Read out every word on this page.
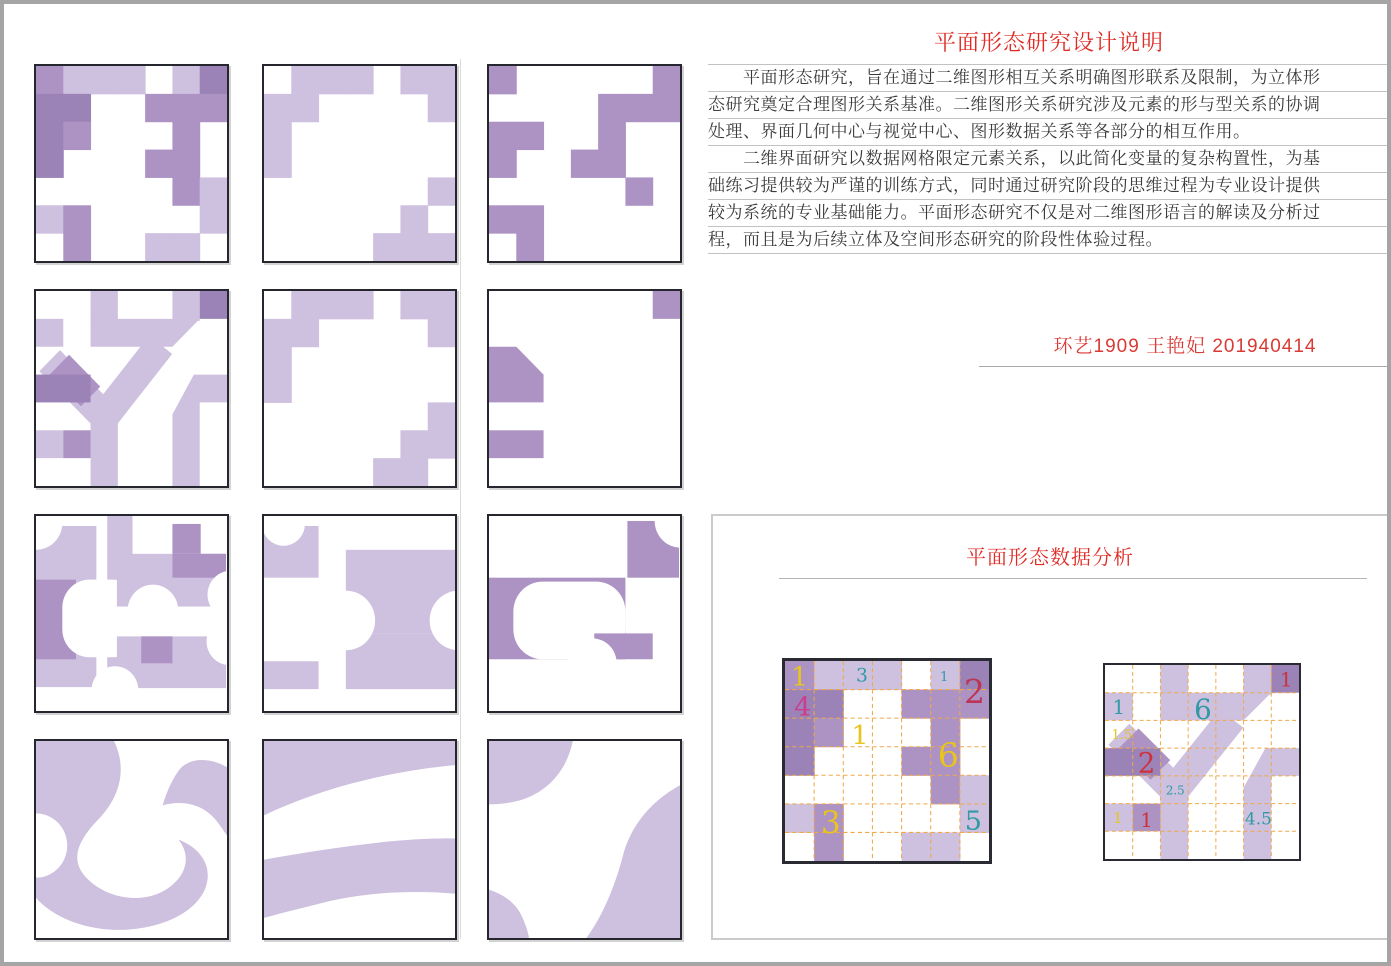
平面形态研究设计说明
　　平面形态研究，旨在通过二维图形相互关系明确图形联系及限制，为立体形
态研究奠定合理图形关系基准。二维图形关系研究涉及元素的形与型关系的协调
处理、界面几何中心与视觉中心、图形数据关系等各部分的相互作用。
　　二维界面研究以数据网格限定元素关系，以此简化变量的复杂构置性，为基
础练习提供较为严谨的训练方式，同时通过研究阶段的思维过程为专业设计提供
较为系统的专业基础能力。平面形态研究不仅是对二维图形语言的解读及分析过
程，而且是为后续立体及空间形态研究的阶段性体验过程。
环艺1909 王艳妃 201940414
平面形态数据分析
1	3	1 2
4
1
6
3	5
1
1 6
1.5
2
2.5
1 1	4.5
